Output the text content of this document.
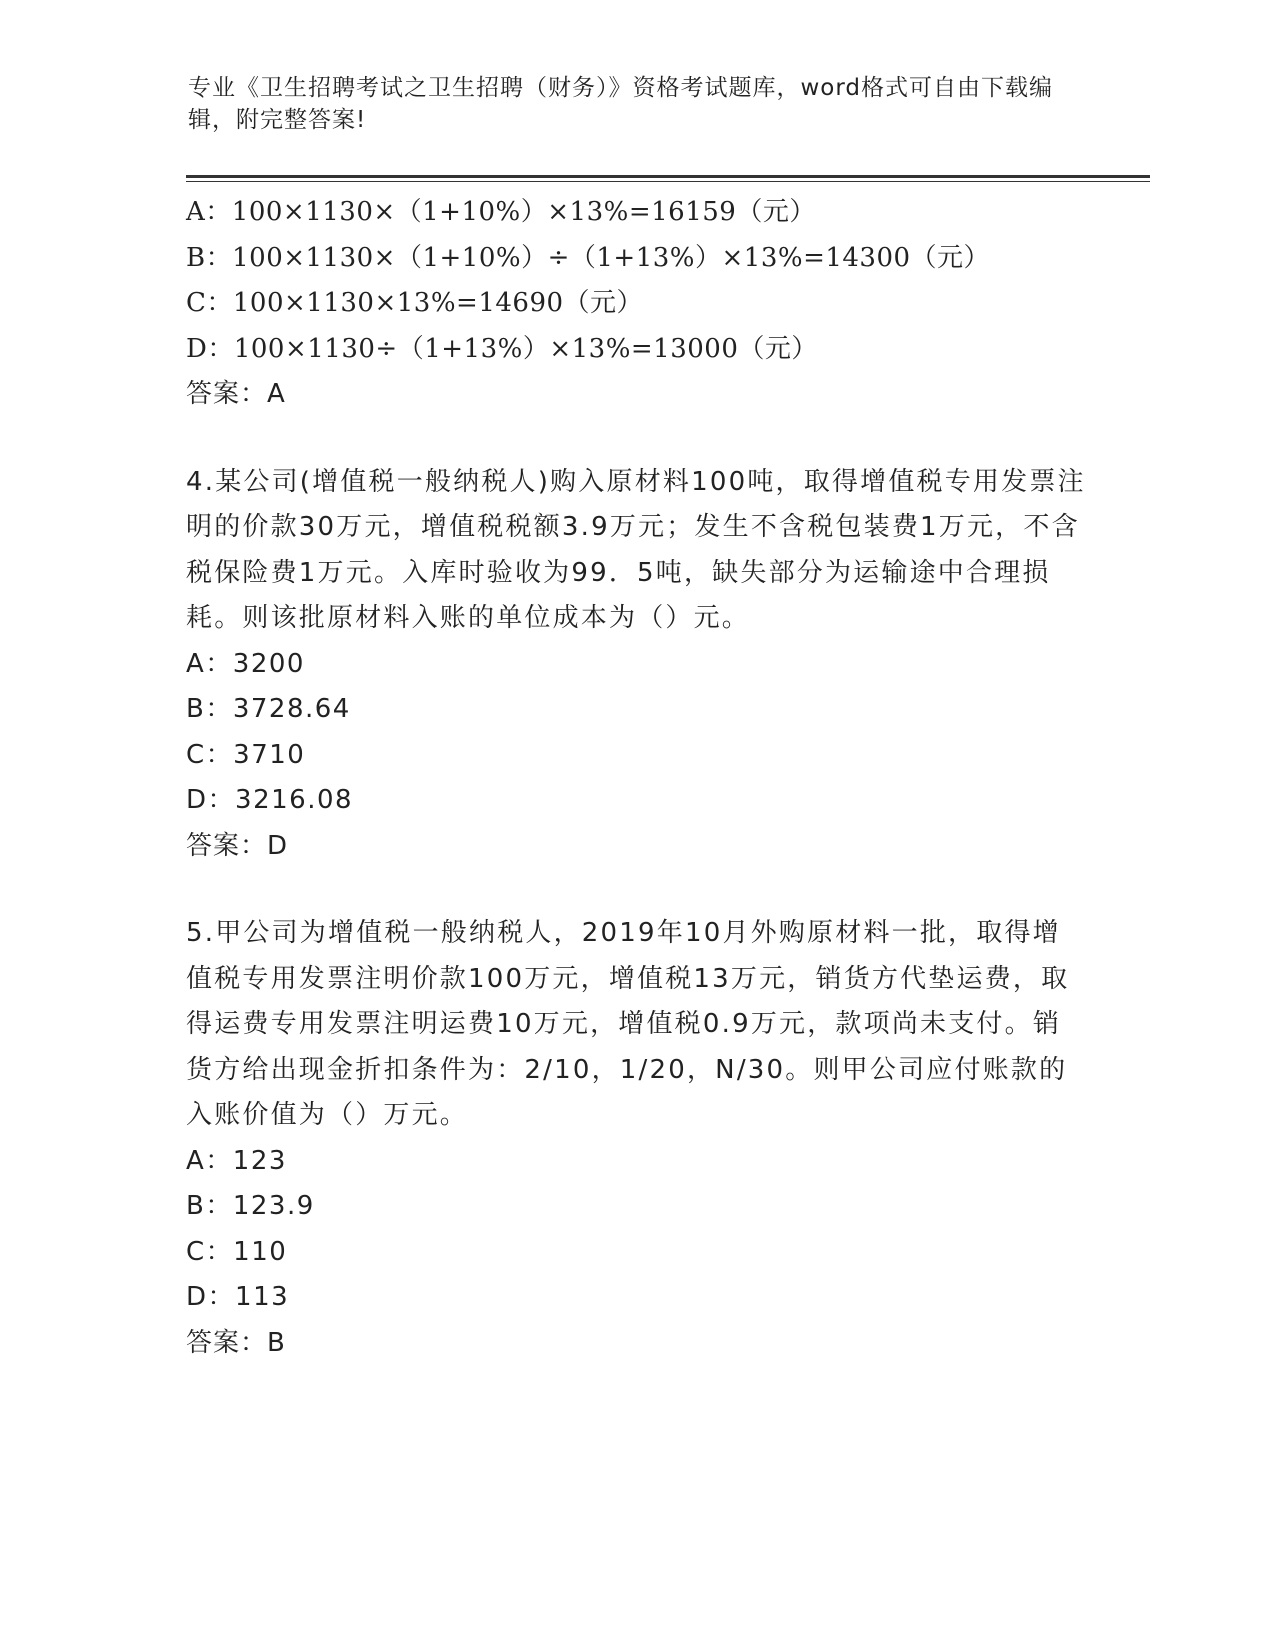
专业《卫生招聘考试之卫生招聘（财务）》资格考试题库，word格式可自由下载编辑，附完整答案!
A：100×1130×（1+10%）×13%=16159（元）
B：100×1130×（1+10%）÷（1+13%）×13%=14300（元）
C：100×1130×13%=14690（元）
D：100×1130÷（1+13%）×13%=13000（元）
答案：A
4.某公司(增值税一般纳税人)购入原材料100吨，取得增值税专用发票注明的价款30万元，增值税税额3.9万元；发生不含税包装费1万元，不含税保险费1万元。入库时验收为99．5吨，缺失部分为运输途中合理损耗。则该批原材料入账的单位成本为（）元。
A：3200
B：3728.64
C：3710
D：3216.08
答案：D
5.甲公司为增值税一般纳税人，2019年10月外购原材料一批，取得增值税专用发票注明价款100万元，增值税13万元，销货方代垫运费，取得运费专用发票注明运费10万元，增值税0.9万元，款项尚未支付。销货方给出现金折扣条件为：2/10，1/20，N/30。则甲公司应付账款的入账价值为（）万元。
A：123
B：123.9
C：110
D：113
答案：B
